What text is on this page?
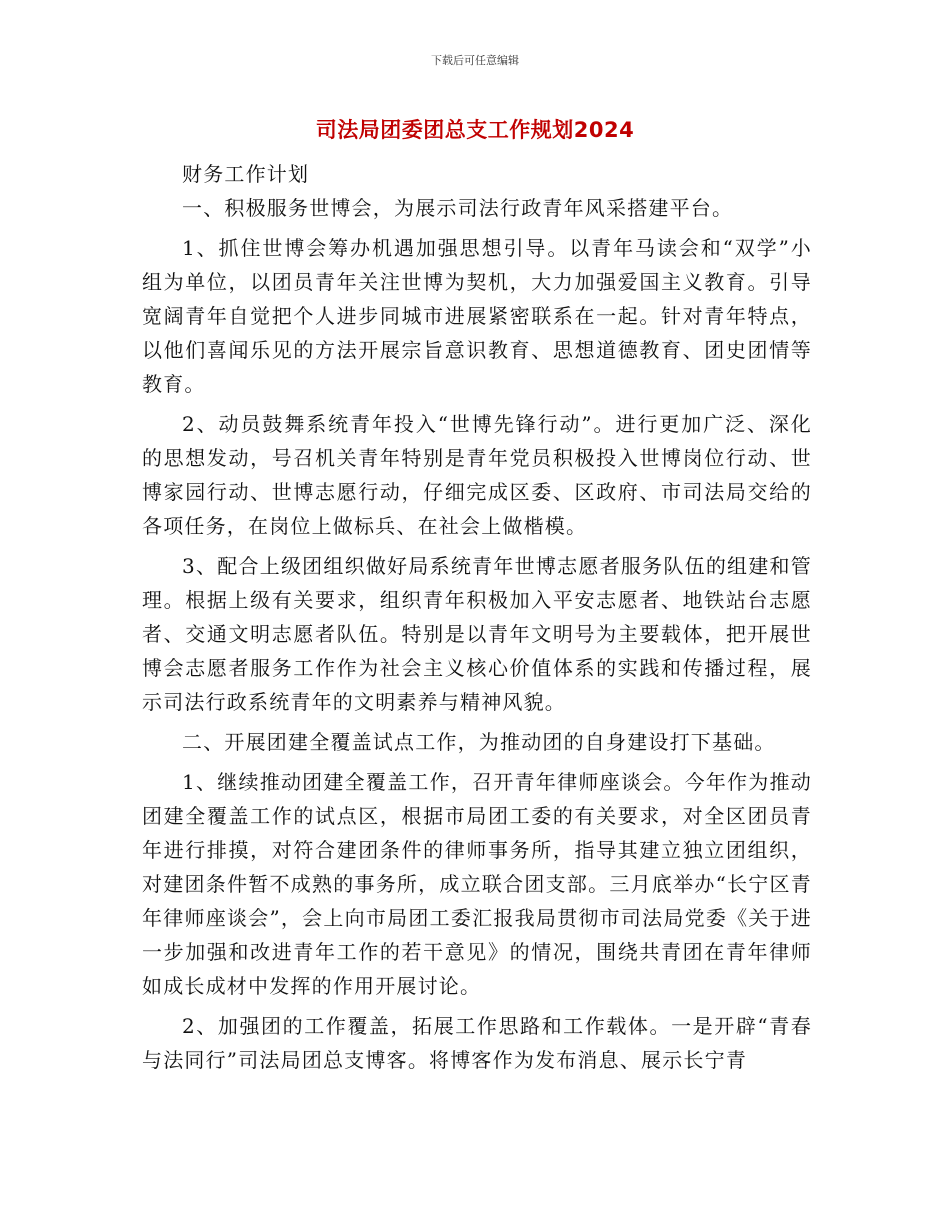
下载后可任意编辑
司法局团委团总支工作规划2024

财务工作计划

一、积极服务世博会，为展示司法行政青年风采搭建平台。

1、抓住世博会筹办机遇加强思想引导。以青年马读会和“双学”小组为单位，以团员青年关注世博为契机，大力加强爱国主义教育。引导宽阔青年自觉把个人进步同城市进展紧密联系在一起。针对青年特点，以他们喜闻乐见的方法开展宗旨意识教育、思想道德教育、团史团情等教育。

2、动员鼓舞系统青年投入“世博先锋行动”。进行更加广泛、深化的思想发动，号召机关青年特别是青年党员积极投入世博岗位行动、世博家园行动、世博志愿行动，仔细完成区委、区政府、市司法局交给的各项任务，在岗位上做标兵、在社会上做楷模。

3、配合上级团组织做好局系统青年世博志愿者服务队伍的组建和管理。根据上级有关要求，组织青年积极加入平安志愿者、地铁站台志愿者、交通文明志愿者队伍。特别是以青年文明号为主要载体，把开展世博会志愿者服务工作作为社会主义核心价值体系的实践和传播过程，展示司法行政系统青年的文明素养与精神风貌。

二、开展团建全覆盖试点工作，为推动团的自身建设打下基础。

1、继续推动团建全覆盖工作，召开青年律师座谈会。今年作为推动团建全覆盖工作的试点区，根据市局团工委的有关要求，对全区团员青年进行排摸，对符合建团条件的律师事务所，指导其建立独立团组织，对建团条件暂不成熟的事务所，成立联合团支部。三月底举办“长宁区青年律师座谈会”，会上向市局团工委汇报我局贯彻市司法局党委《关于进一步加强和改进青年工作的若干意见》的情况，围绕共青团在青年律师如成长成材中发挥的作用开展讨论。

2、加强团的工作覆盖，拓展工作思路和工作载体。一是开辟“青春与法同行”司法局团总支博客。将博客作为发布消息、展示长宁青
